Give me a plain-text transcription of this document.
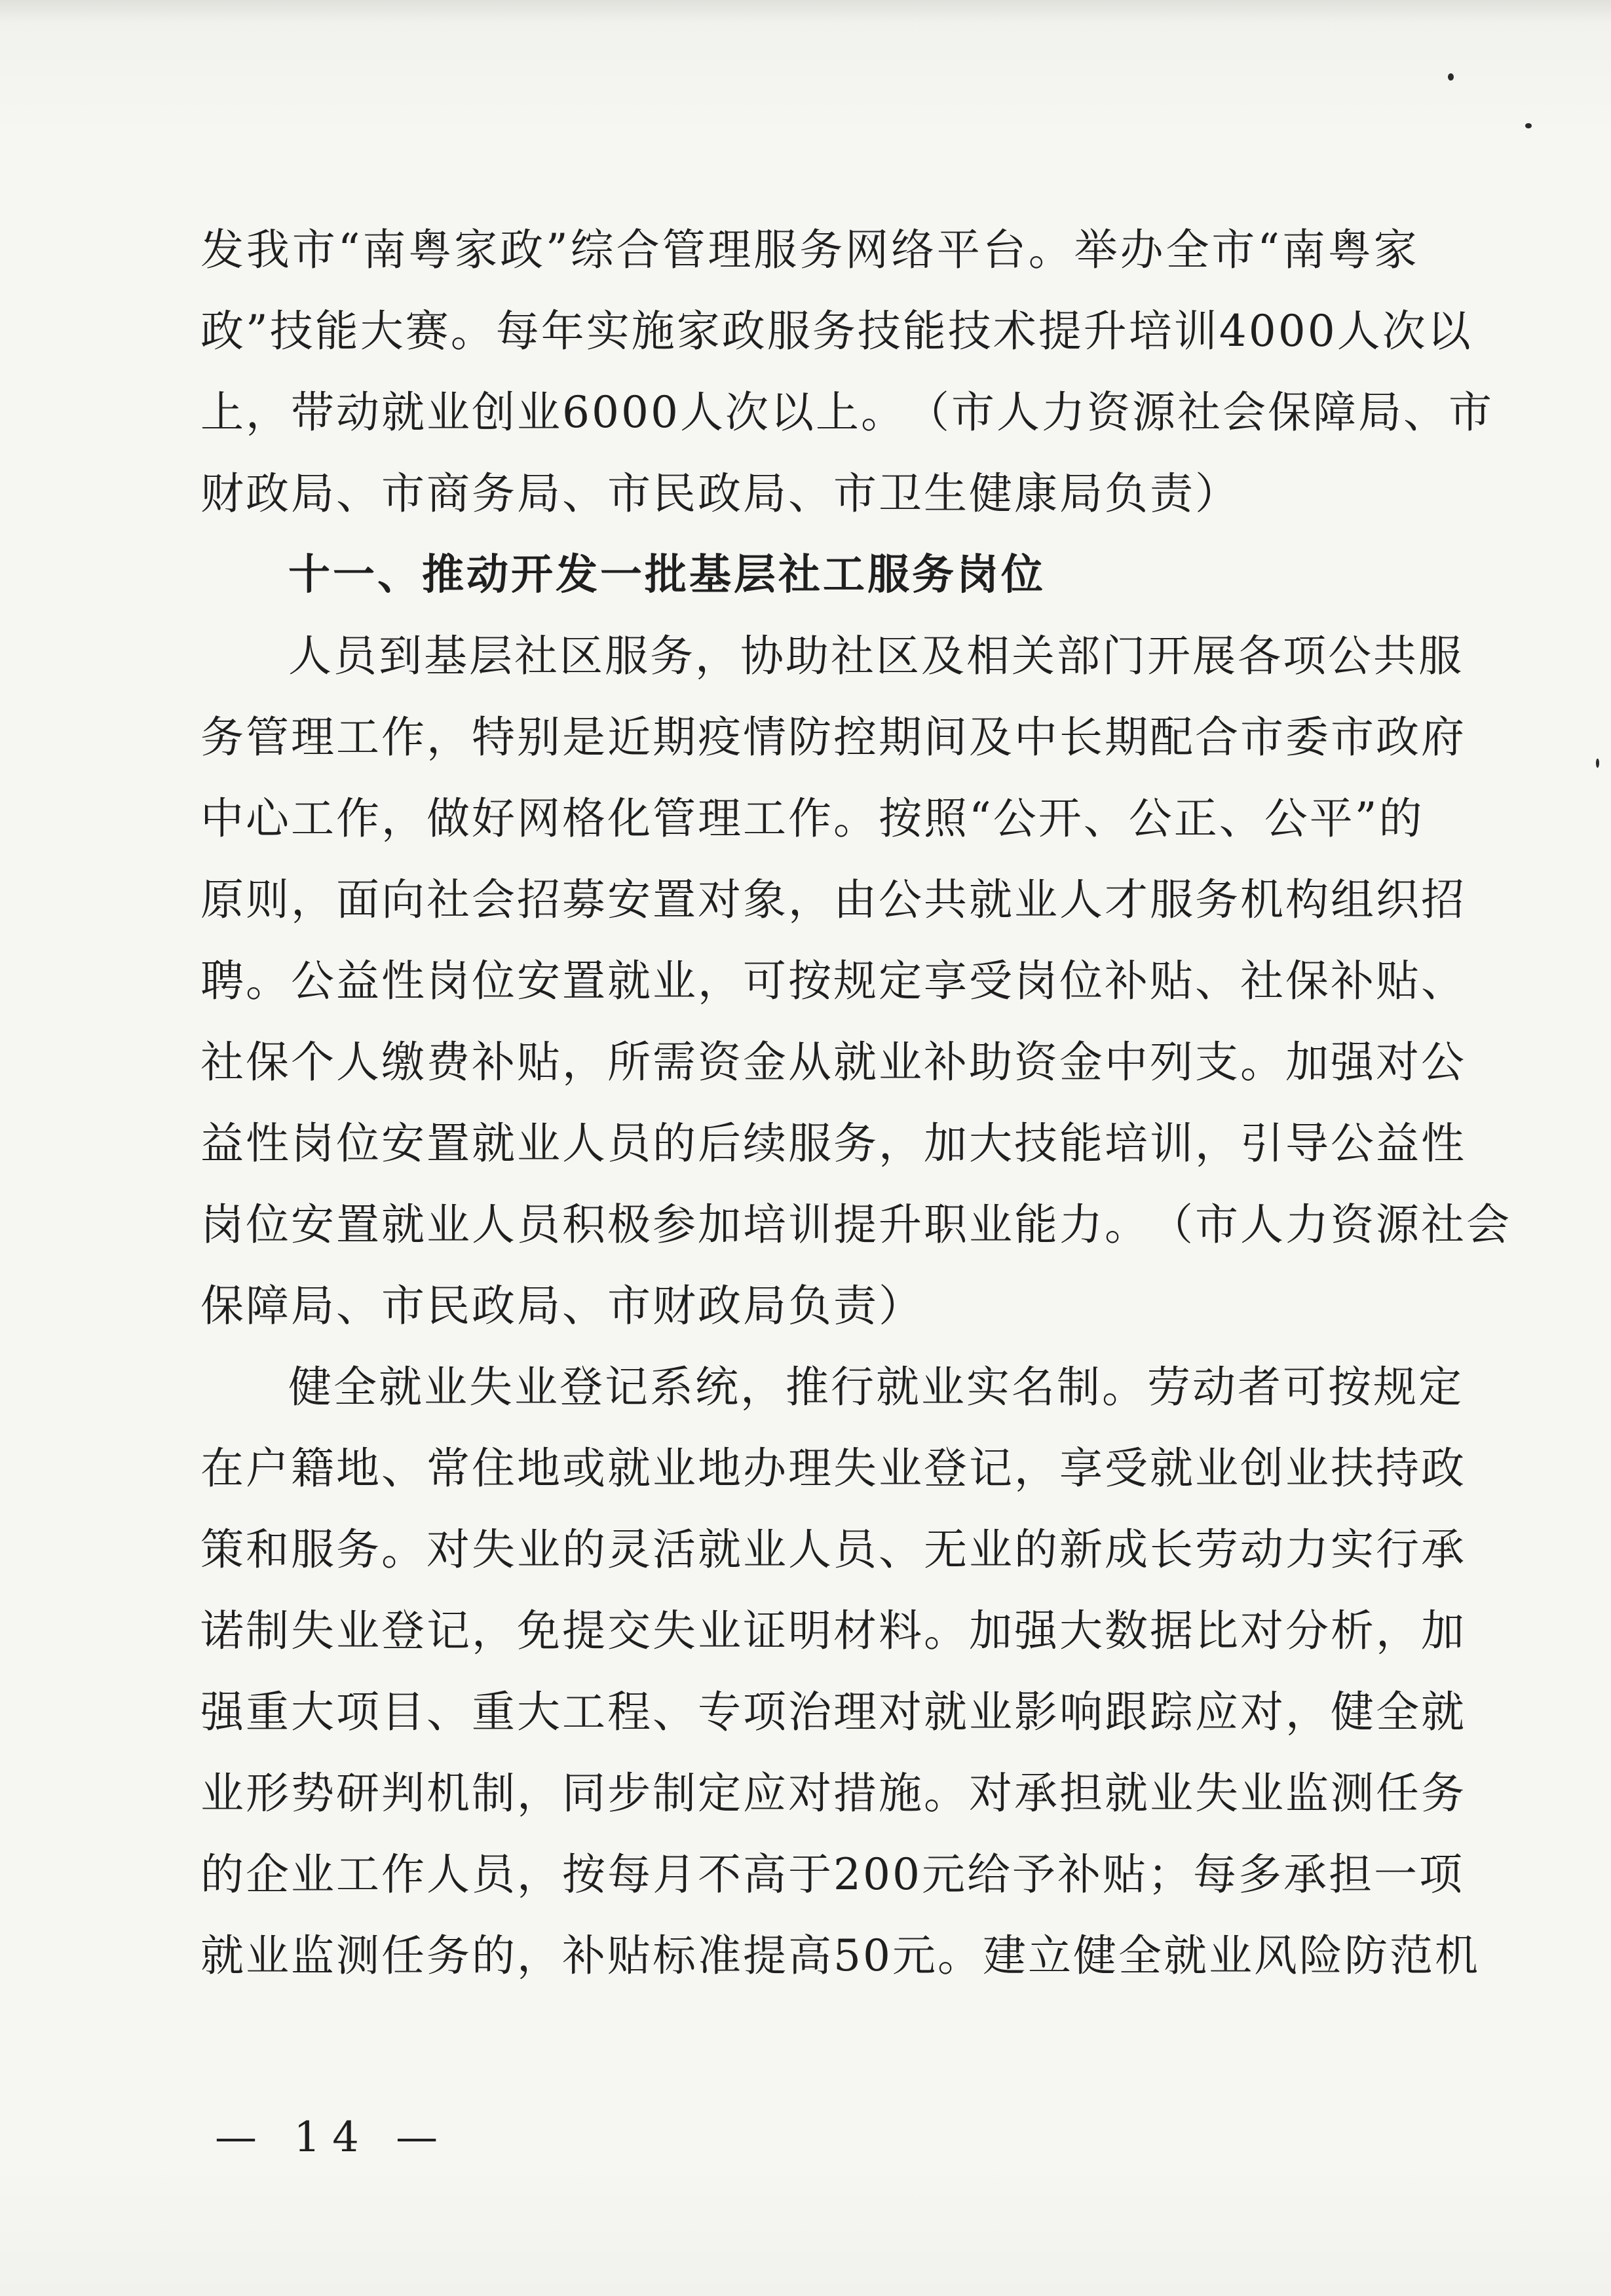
发 我 市 “ 南 粤 家 政 ” 综 合 管 理 服 务 网 络 平 台 。 举 办 全 市 “ 南 粤 家
政 ” 技 能 大 赛 。 每 年 实 施 家 政 服 务 技 能 技 术 提 升 培 训 4000 人 次 以
上 ， 带 动 就 业 创 业 6000 人 次 以 上 。 （ 市 人 力 资 源 社 会 保 障 局 、 市
财政局、市商务局、市民政局、市卫生健康局负责）
十一、推动开发一批基层社工服务岗位
人 员 到 基 层 社 区 服 务 ， 协 助 社 区 及 相 关 部 门 开 展 各 项 公 共 服
务 管 理 工 作 ， 特 别 是 近 期 疫 情 防 控 期 间 及 中 长 期 配 合 市 委 市 政 府
中 心 工 作 ， 做 好 网 格 化 管 理 工 作 。 按 照 “ 公 开 、 公 正 、 公 平 ” 的
原 则 ， 面 向 社 会 招 募 安 置 对 象 ， 由 公 共 就 业 人 才 服 务 机 构 组 织 招
聘 。 公 益 性 岗 位 安 置 就 业 ， 可 按 规 定 享 受 岗 位 补 贴 、 社 保 补 贴 、
社 保 个 人 缴 费 补 贴 ， 所 需 资 金 从 就 业 补 助 资 金 中 列 支 。 加 强 对 公
益 性 岗 位 安 置 就 业 人 员 的 后 续 服 务 ， 加 大 技 能 培 训 ， 引 导 公 益 性
岗 位 安 置 就 业 人 员 积 极 参 加 培 训 提 升 职 业 能 力 。 （ 市 人 力 资 源 社 会
保障局、市民政局、市财政局负责）
健 全 就 业 失 业 登 记 系 统 ， 推 行 就 业 实 名 制 。 劳 动 者 可 按 规 定
在 户 籍 地 、 常 住 地 或 就 业 地 办 理 失 业 登 记 ， 享 受 就 业 创 业 扶 持 政
策 和 服 务 。 对 失 业 的 灵 活 就 业 人 员 、 无 业 的 新 成 长 劳 动 力 实 行 承
诺 制 失 业 登 记 ， 免 提 交 失 业 证 明 材 料 。 加 强 大 数 据 比 对 分 析 ， 加
强 重 大 项 目 、 重 大 工 程 、 专 项 治 理 对 就 业 影 响 跟 踪 应 对 ， 健 全 就
业 形 势 研 判 机 制 ， 同 步 制 定 应 对 措 施 。 对 承 担 就 业 失 业 监 测 任 务
的 企 业 工 作 人 员 ， 按 每 月 不 高 于 200 元 给 予 补 贴 ； 每 多 承 担 一 项
就 业 监 测 任 务 的 ， 补 贴 标 准 提 高 50 元 。 建 立 健 全 就 业 风 险 防 范 机
— 14 —
